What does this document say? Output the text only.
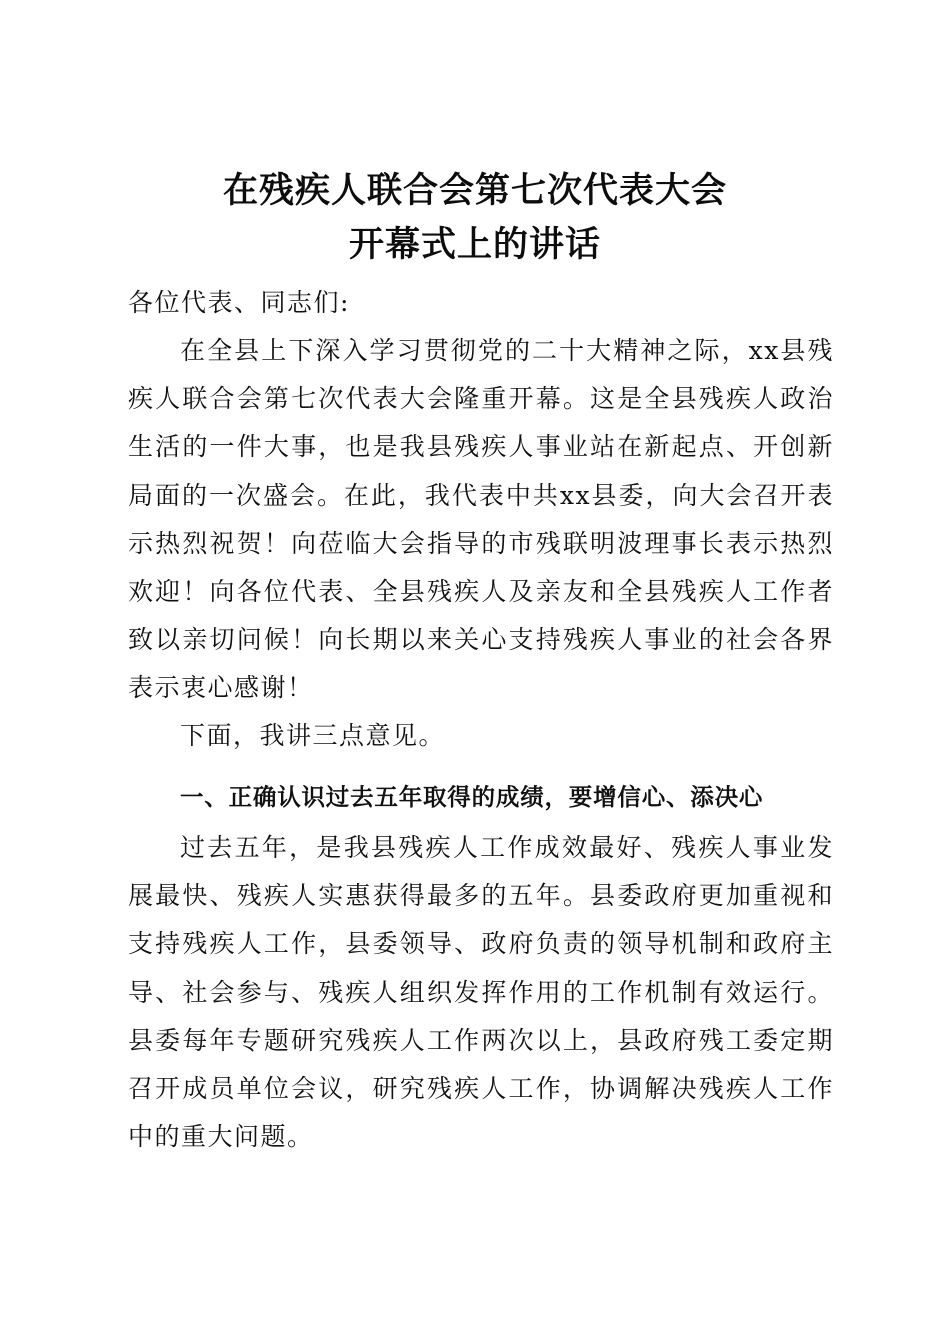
在残疾人联合会第七次代表大会
开幕式上的讲话
各位代表、同志们:
在全县上下深入学习贯彻党的二十大精神之际，xx县残疾人联合会第七次代表大会隆重开幕。这是全县残疾人政治生活的一件大事，也是我县残疾人事业站在新起点、开创新局面的一次盛会。在此，我代表中共xx县委，向大会召开表示热烈祝贺！向莅临大会指导的市残联明波理事长表示热烈欢迎！向各位代表、全县残疾人及亲友和全县残疾人工作者致以亲切问候！向长期以来关心支持残疾人事业的社会各界表示衷心感谢！
下面，我讲三点意见。
一、正确认识过去五年取得的成绩，要增信心、添决心
过去五年，是我县残疾人工作成效最好、残疾人事业发展最快、残疾人实惠获得最多的五年。县委政府更加重视和支持残疾人工作，县委领导、政府负责的领导机制和政府主导、社会参与、残疾人组织发挥作用的工作机制有效运行。县委每年专题研究残疾人工作两次以上，县政府残工委定期召开成员单位会议，研究残疾人工作，协调解决残疾人工作中的重大问题。
